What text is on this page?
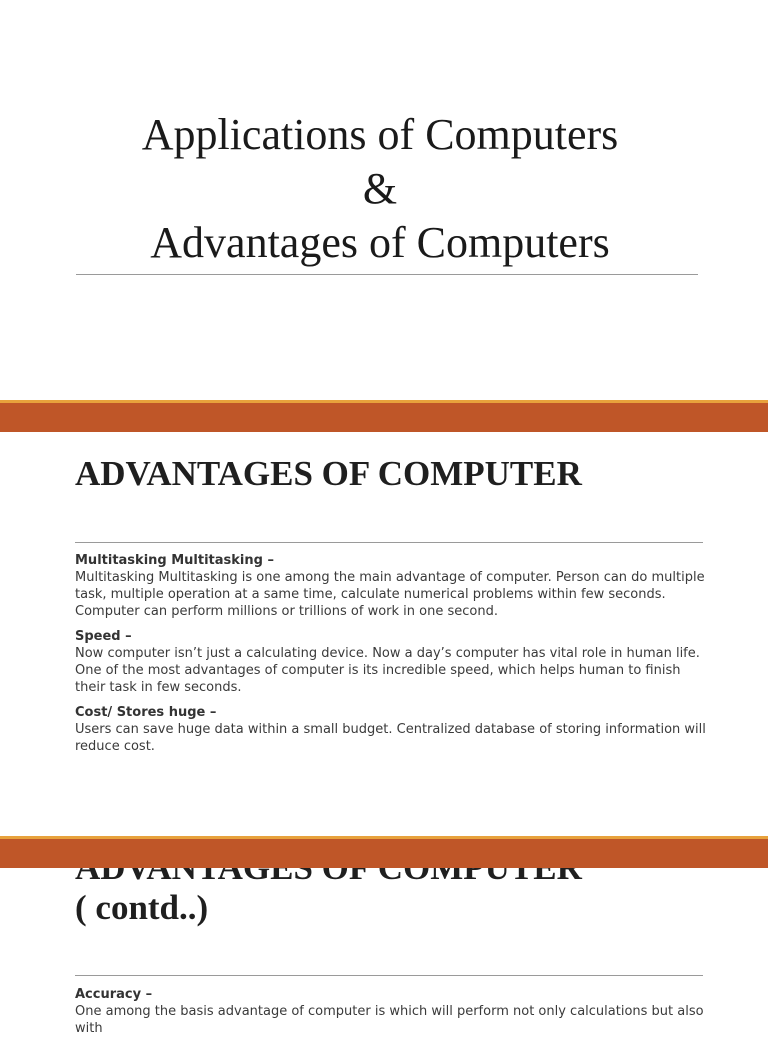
Applications of Computers
&
Advantages of Computers
ADVANTAGES OF COMPUTER
Multitasking Multitasking –
Multitasking Multitasking is one among the main advantage of computer. Person can do multiple task, multiple operation at a same time, calculate numerical problems within few seconds. Computer can perform millions or trillions of work in one second.
Speed –
Now computer isn’t just a calculating device. Now a day’s computer has vital role in human life. One of the most advantages of computer is its incredible speed, which helps human to finish their task in few seconds.
Cost/ Stores huge –
Users can save huge data within a small budget. Centralized database of storing information will reduce cost.
( contd..)
Accuracy –
One among the basis advantage of computer is which will perform not only calculations but also with
